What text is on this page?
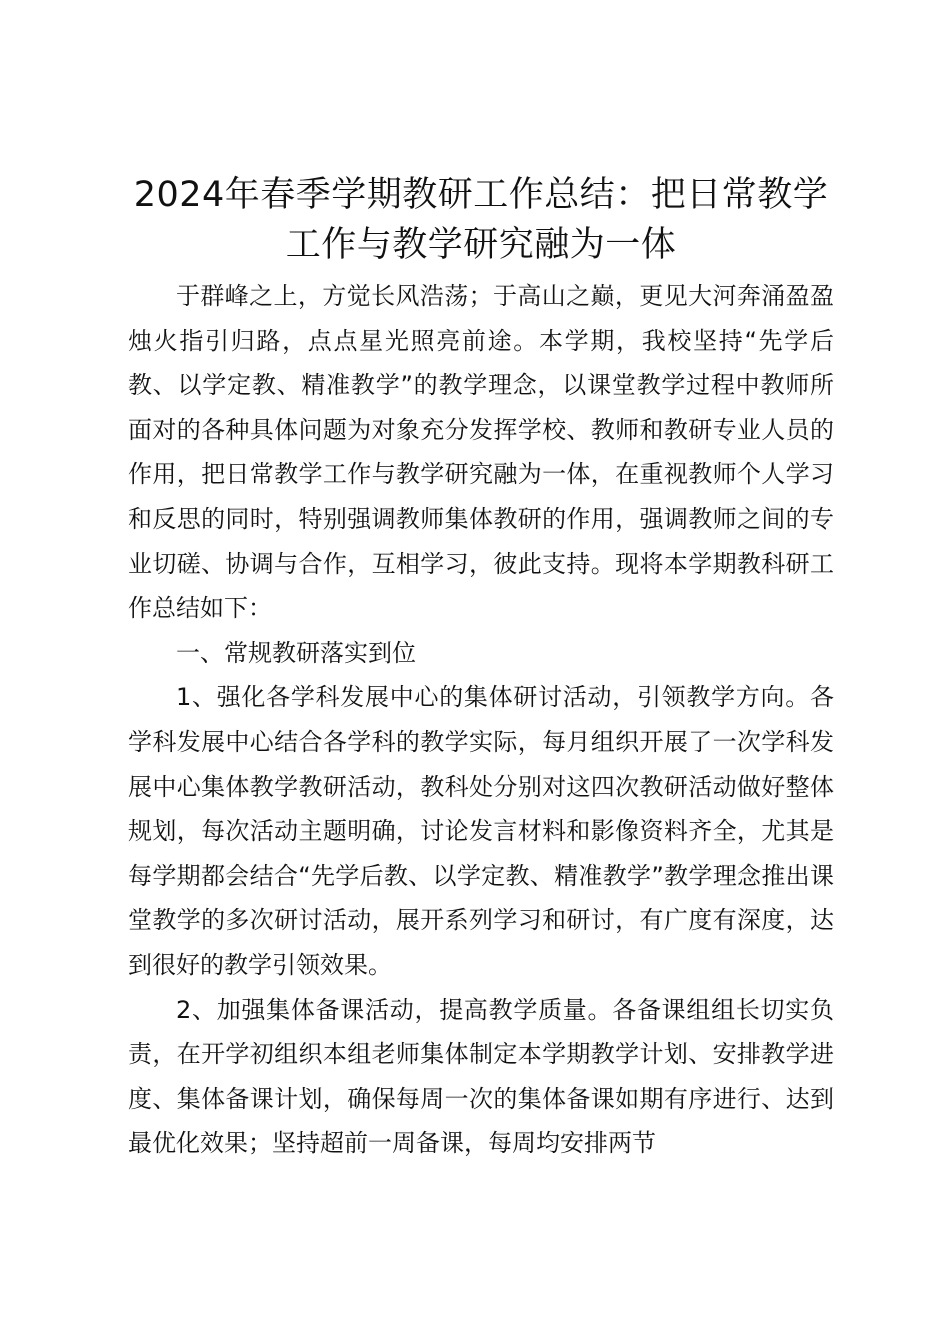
2024年春季学期教研工作总结：把日常教学
工作与教学研究融为一体

于群峰之上，方觉长风浩荡；于高山之巅，更见大河奔涌盈盈烛火指引归路，点点星光照亮前途。本学期，我校坚持“先学后教、以学定教、精准教学”的教学理念，以课堂教学过程中教师所面对的各种具体问题为对象充分发挥学校、教师和教研专业人员的作用，把日常教学工作与教学研究融为一体，在重视教师个人学习和反思的同时，特别强调教师集体教研的作用，强调教师之间的专业切磋、协调与合作，互相学习，彼此支持。现将本学期教科研工作总结如下：

一、常规教研落实到位

1、强化各学科发展中心的集体研讨活动，引领教学方向。各学科发展中心结合各学科的教学实际，每月组织开展了一次学科发展中心集体教学教研活动，教科处分别对这四次教研活动做好整体规划，每次活动主题明确，讨论发言材料和影像资料齐全，尤其是每学期都会结合“先学后教、以学定教、精准教学”教学理念推出课堂教学的多次研讨活动，展开系列学习和研讨，有广度有深度，达到很好的教学引领效果。

2、加强集体备课活动，提高教学质量。各备课组组长切实负责，在开学初组织本组老师集体制定本学期教学计划、安排教学进度、集体备课计划，确保每周一次的集体备课如期有序进行、达到最优化效果；坚持超前一周备课，每周均安排两节
